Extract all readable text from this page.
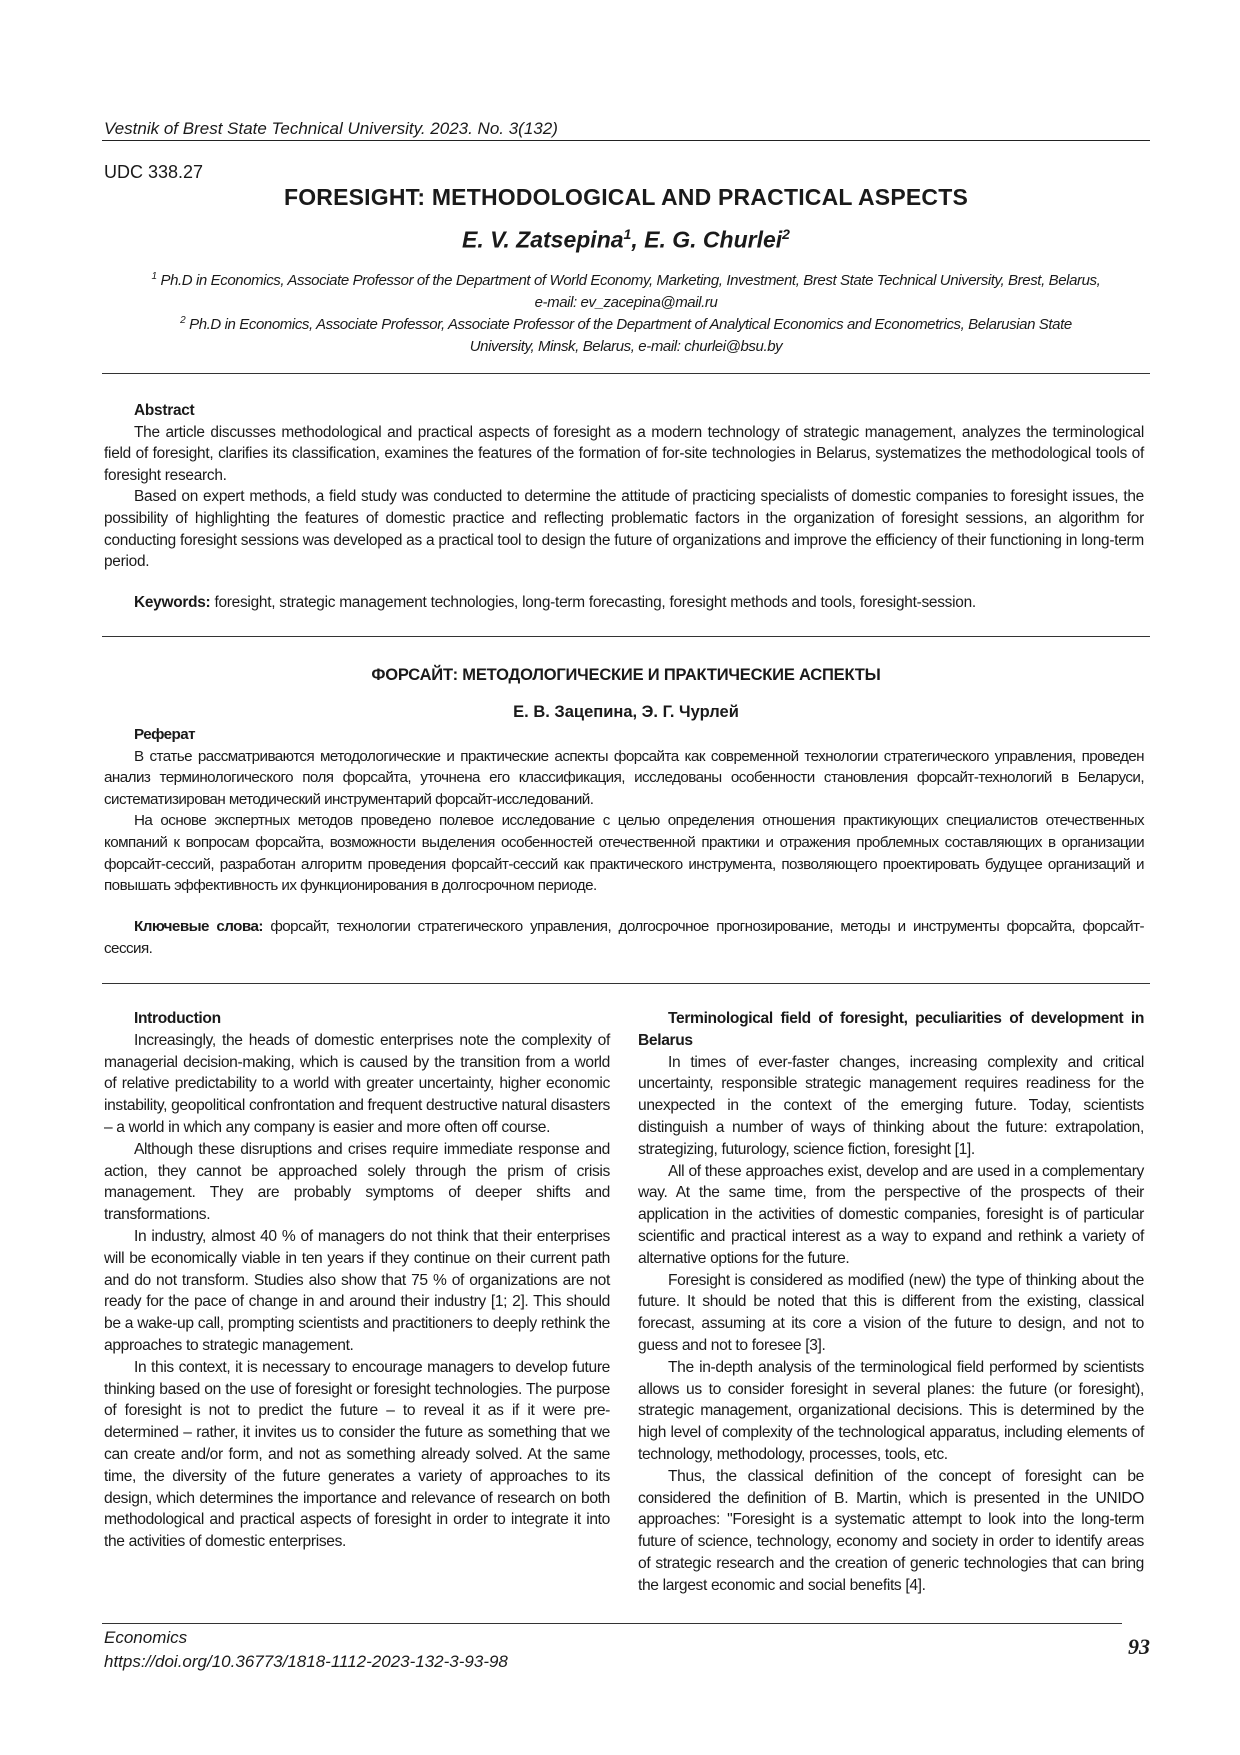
Vestnik of Brest State Technical University. 2023. No. 3(132)
UDC 338.27
FORESIGHT: METHODOLOGICAL AND PRACTICAL ASPECTS
E. V. Zatsepina$^1$, E. G. Churlei$^2$
$^1$ Ph.D in Economics, Associate Professor of the Department of World Economy, Marketing, Investment, Brest State Technical University, Brest, Belarus, e-mail: ev_zacepina@mail.ru
$^2$ Ph.D in Economics, Associate Professor, Associate Professor of the Department of Analytical Economics and Econometrics, Belarusian State University, Minsk, Belarus, e-mail: churlei@bsu.by
Abstract

The article discusses methodological and practical aspects of foresight as a modern technology of strategic management, analyzes the terminological field of foresight, clarifies its classification, examines the features of the formation of for-site technologies in Belarus, systematizes the methodological tools of foresight research.

Based on expert methods, a field study was conducted to determine the attitude of practicing specialists of domestic companies to foresight issues, the possibility of highlighting the features of domestic practice and reflecting problematic factors in the organization of foresight sessions, an algorithm for conducting foresight sessions was developed as a practical tool to design the future of organizations and improve the efficiency of their functioning in long-term period.

Keywords: foresight, strategic management technologies, long-term forecasting, foresight methods and tools, foresight-session.
ФОРСАЙТ: МЕТОДОЛОГИЧЕСКИЕ И ПРАКТИЧЕСКИЕ АСПЕКТЫ
Е. В. Зацепина, Э. Г. Чурлей
Реферат

В статье рассматриваются методологические и практические аспекты форсайта как современной технологии стратегического управления, проведен анализ терминологического поля форсайта, уточнена его классификация, исследованы особенности становления форсайт-технологий в Беларуси, систематизирован методический инструментарий форсайт-исследований.

На основе экспертных методов проведено полевое исследование с целью определения отношения практикующих специалистов отечественных компаний к вопросам форсайта, возможности выделения особенностей отечественной практики и отражения проблемных составляющих в организации форсайт-сессий, разработан алгоритм проведения форсайт-сессий как практического инструмента, позволяющего проектировать будущее организаций и повышать эффективность их функционирования в долгосрочном периоде.

Ключевые слова: форсайт, технологии стратегического управления, долгосрочное прогнозирование, методы и инструменты форсайта, форсайт-сессия.

Introduction

Increasingly, the heads of domestic enterprises note the complexity of managerial decision-making, which is caused by the transition from a world of relative predictability to a world with greater uncertainty, higher economic instability, geopolitical confrontation and frequent destructive natural disasters – a world in which any company is easier and more often off course.

Although these disruptions and crises require immediate response and action, they cannot be approached solely through the prism of crisis management. They are probably symptoms of deeper shifts and transformations.

In industry, almost 40 % of managers do not think that their enterprises will be economically viable in ten years if they continue on their current path and do not transform. Studies also show that 75 % of organizations are not ready for the pace of change in and around their industry [1; 2]. This should be a wake-up call, prompting scientists and practitioners to deeply rethink the approaches to strategic management.

In this context, it is necessary to encourage managers to develop future thinking based on the use of foresight or foresight technologies. The purpose of foresight is not to predict the future – to reveal it as if it were pre-determined – rather, it invites us to consider the future as something that we can create and/or form, and not as something already solved. At the same time, the diversity of the future generates a variety of approaches to its design, which determines the importance and relevance of research on both methodological and practical aspects of foresight in order to integrate it into the activities of domestic enterprises.

Terminological field of foresight, peculiarities of development in Belarus

In times of ever-faster changes, increasing complexity and critical uncertainty, responsible strategic management requires readiness for the unexpected in the context of the emerging future. Today, scientists distinguish a number of ways of thinking about the future: extrapolation, strategizing, futurology, science fiction, foresight [1].

All of these approaches exist, develop and are used in a complementary way. At the same time, from the perspective of the prospects of their application in the activities of domestic companies, foresight is of particular scientific and practical interest as a way to expand and rethink a variety of alternative options for the future.

Foresight is considered as modified (new) the type of thinking about the future. It should be noted that this is different from the existing, classical forecast, assuming at its core a vision of the future to design, and not to guess and not to foresee [3].

The in-depth analysis of the terminological field performed by scientists allows us to consider foresight in several planes: the future (or foresight), strategic management, organizational decisions. This is determined by the high level of complexity of the technological apparatus, including elements of technology, methodology, processes, tools, etc.

Thus, the classical definition of the concept of foresight can be considered the definition of B. Martin, which is presented in the UNIDO approaches: "Foresight is a systematic attempt to look into the long-term future of science, technology, economy and society in order to identify areas of strategic research and the creation of generic technologies that can bring the largest economic and social benefits [4].

Economics
https://doi.org/10.36773/1818-1112-2023-132-3-93-98
93
